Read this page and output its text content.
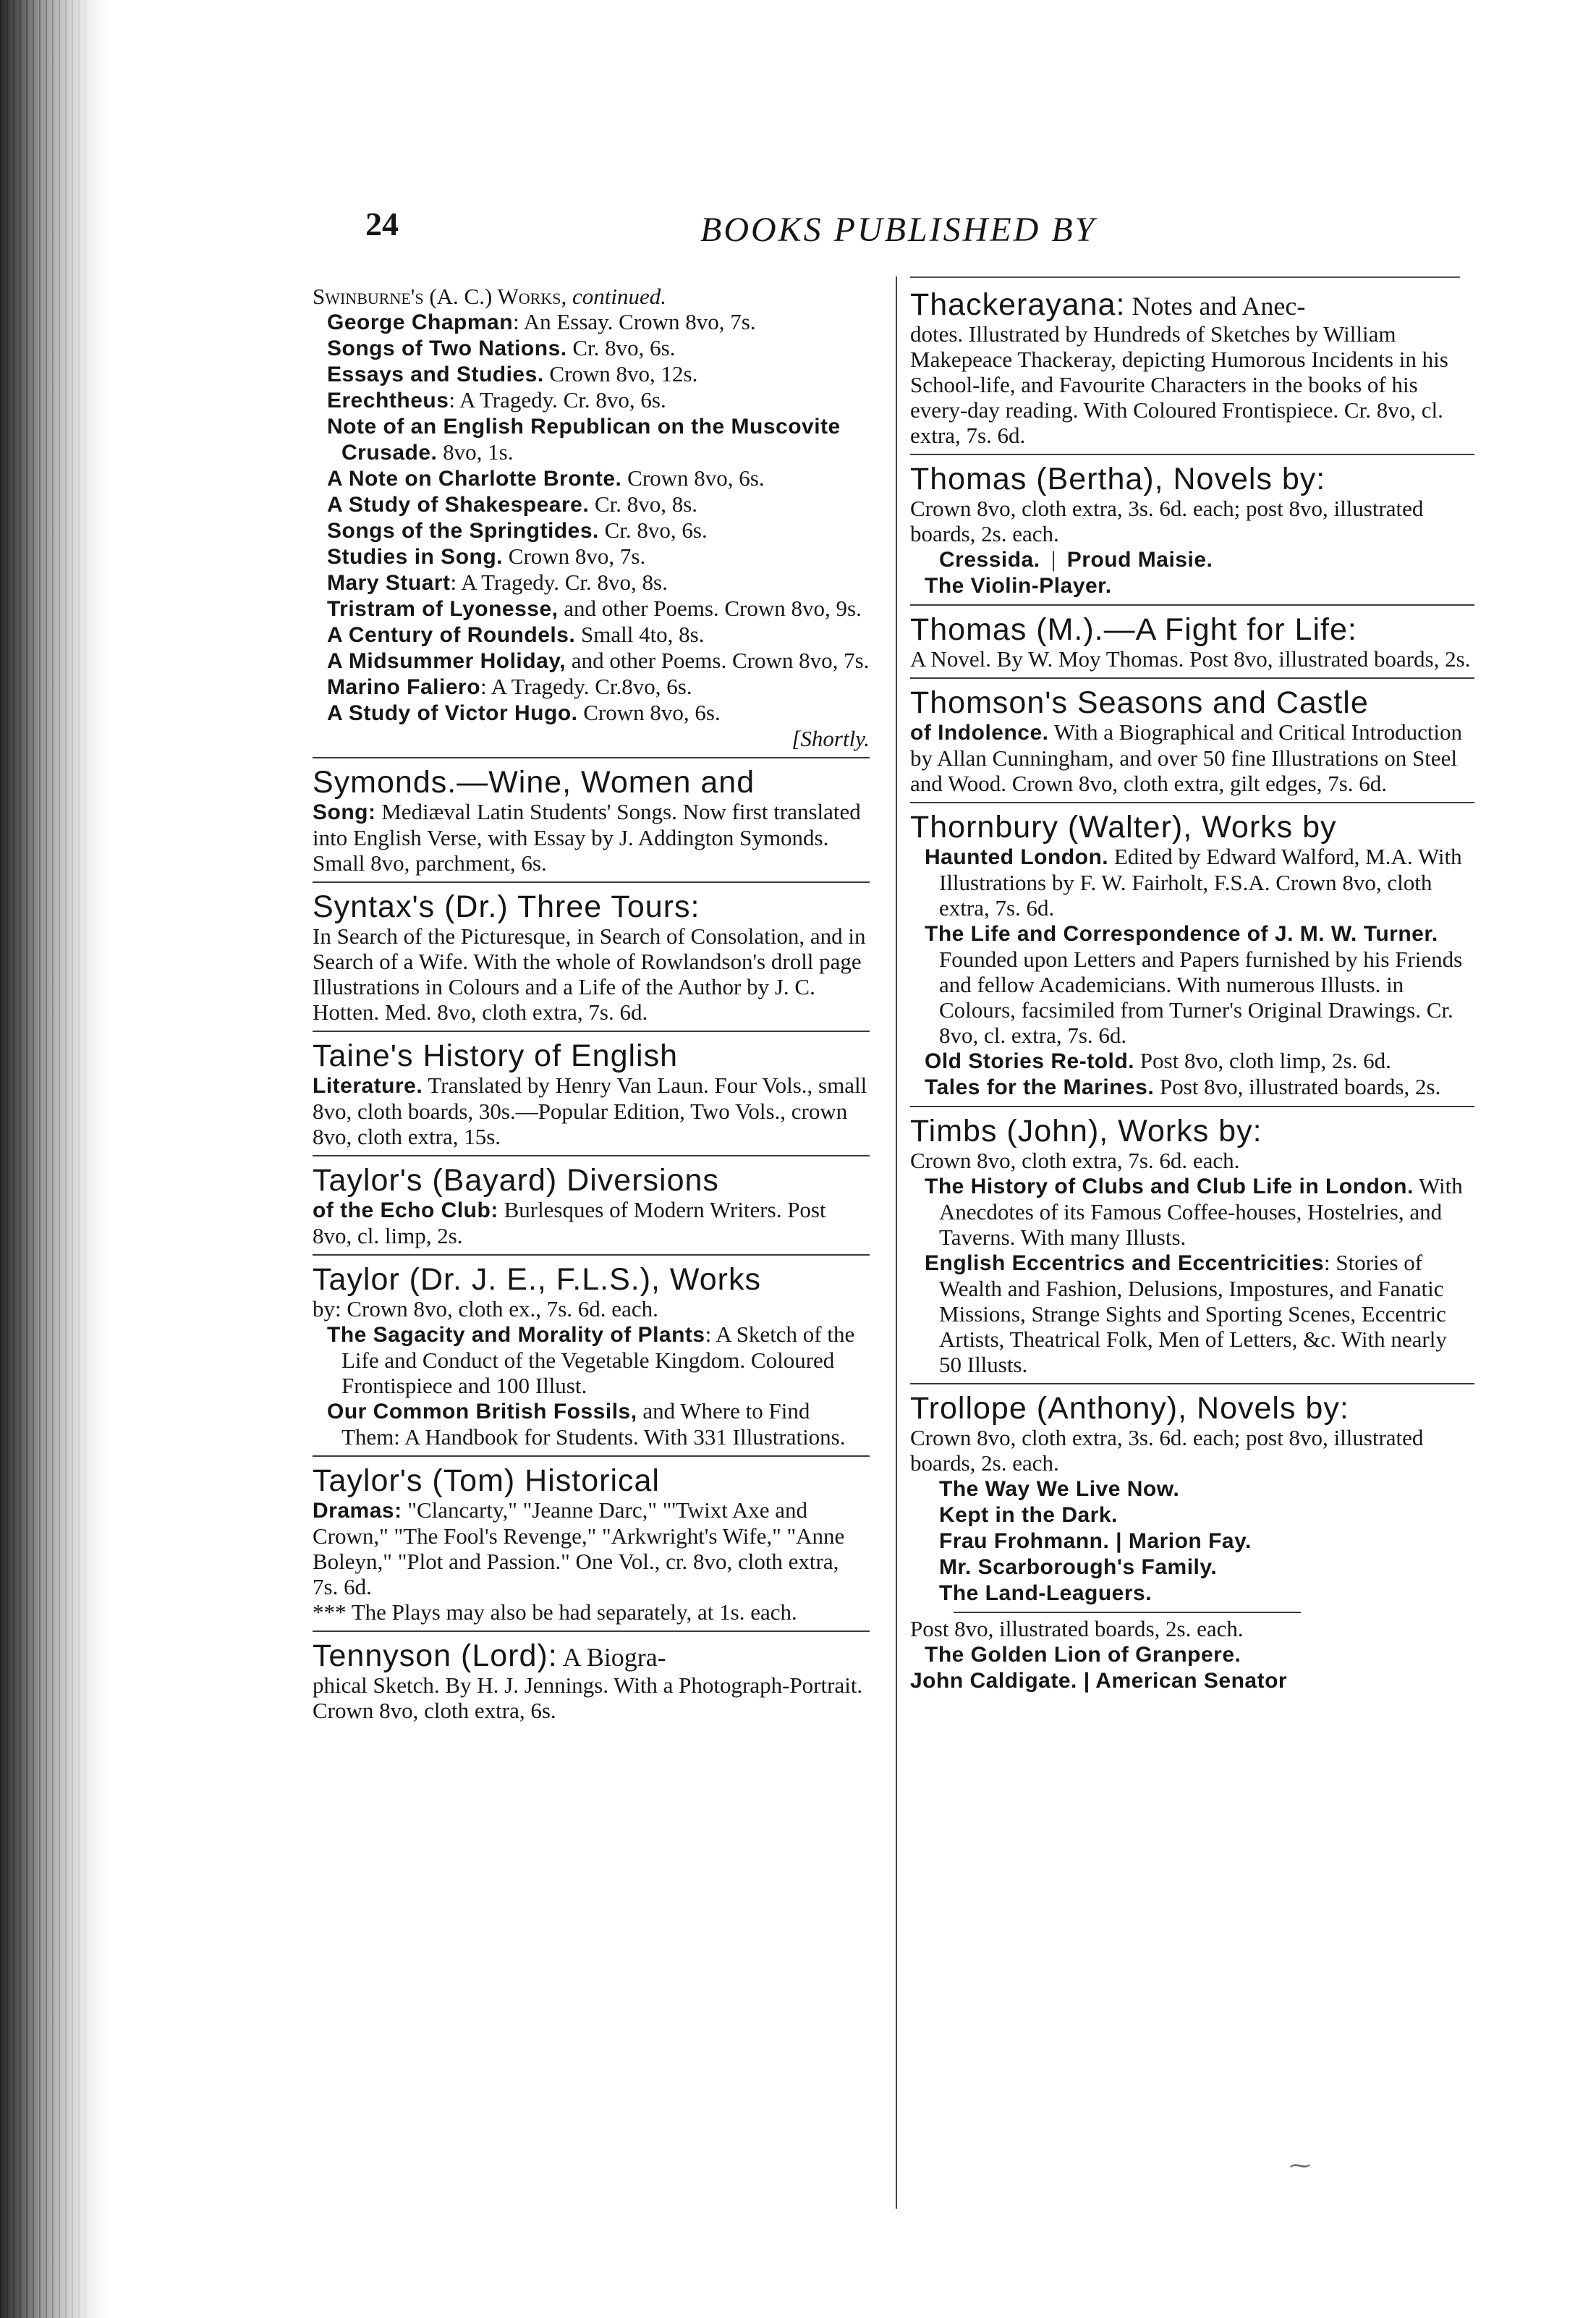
24	BOOKS PUBLISHED BY
Swinburne's (A. C.) Works, continued.
George Chapman: An Essay. Crown 8vo, 7s.
Songs of Two Nations. Cr. 8vo, 6s.
Essays and Studies. Crown 8vo, 12s.
Erechtheus: A Tragedy. Cr. 8vo, 6s.
Note of an English Republican on the Muscovite Crusade. 8vo, 1s.
A Note on Charlotte Bronte. Crown 8vo, 6s.
A Study of Shakespeare. Cr. 8vo, 8s.
Songs of the Springtides. Cr. 8vo, 6s.
Studies in Song. Crown 8vo, 7s.
Mary Stuart: A Tragedy. Cr. 8vo, 8s.
Tristram of Lyonesse, and other Poems. Crown 8vo, 9s.
A Century of Roundels. Small 4to, 8s.
A Midsummer Holiday, and other Poems. Crown 8vo, 7s.
Marino Faliero: A Tragedy. Cr.8vo, 6s.
A Study of Victor Hugo. Crown 8vo, 6s.
[Shortly.
Symonds.—Wine, Women and
Song: Mediæval Latin Students' Songs. Now first translated into English Verse, with Essay by J. Addington Symonds. Small 8vo, parchment, 6s.
Syntax's (Dr.) Three Tours:
In Search of the Picturesque, in Search of Consolation, and in Search of a Wife. With the whole of Rowlandson's droll page Illustrations in Colours and a Life of the Author by J. C. Hotten. Med. 8vo, cloth extra, 7s. 6d.
Taine's History of English
Literature. Translated by Henry Van Laun. Four Vols., small 8vo, cloth boards, 30s.—Popular Edition, Two Vols., crown 8vo, cloth extra, 15s.
Taylor's (Bayard) Diversions
of the Echo Club: Burlesques of Modern Writers. Post 8vo, cl. limp, 2s.
Taylor (Dr. J. E., F.L.S.), Works
by: Crown 8vo, cloth ex., 7s. 6d. each.
The Sagacity and Morality of Plants: A Sketch of the Life and Conduct of the Vegetable Kingdom. Coloured Frontispiece and 100 Illust.
Our Common British Fossils, and Where to Find Them: A Handbook for Students. With 331 Illustrations.
Taylor's (Tom) Historical
Dramas: "Clancarty," "Jeanne Darc," "'Twixt Axe and Crown," "The Fool's Revenge," "Arkwright's Wife," "Anne Boleyn," "Plot and Passion." One Vol., cr. 8vo, cloth extra, 7s. 6d.
*** The Plays may also be had separately, at 1s. each.
Tennyson (Lord): A Biogra-
phical Sketch. By H. J. Jennings. With a Photograph-Portrait. Crown 8vo, cloth extra, 6s.
Thackerayana: Notes and Anec-
dotes. Illustrated by Hundreds of Sketches by William Makepeace Thackeray, depicting Humorous Incidents in his School-life, and Favourite Characters in the books of his every-day reading. With Coloured Frontispiece. Cr. 8vo, cl. extra, 7s. 6d.
Thomas (Bertha), Novels by:
Crown 8vo, cloth extra, 3s. 6d. each; post 8vo, illustrated boards, 2s. each.
Cressida.  |  Proud Maisie.
The Violin-Player.
Thomas (M.).—A Fight for Life:
A Novel. By W. Moy Thomas. Post 8vo, illustrated boards, 2s.
Thomson's Seasons and Castle
of Indolence. With a Biographical and Critical Introduction by Allan Cunningham, and over 50 fine Illustrations on Steel and Wood. Crown 8vo, cloth extra, gilt edges, 7s. 6d.
Thornbury (Walter), Works by
Haunted London. Edited by Edward Walford, M.A. With Illustrations by F. W. Fairholt, F.S.A. Crown 8vo, cloth extra, 7s. 6d.
The Life and Correspondence of J. M. W. Turner. Founded upon Letters and Papers furnished by his Friends and fellow Academicians. With numerous Illusts. in Colours, facsimiled from Turner's Original Drawings. Cr. 8vo, cl. extra, 7s. 6d.
Old Stories Re-told. Post 8vo, cloth limp, 2s. 6d.
Tales for the Marines. Post 8vo, illustrated boards, 2s.
Timbs (John), Works by:
Crown 8vo, cloth extra, 7s. 6d. each.
The History of Clubs and Club Life in London. With Anecdotes of its Famous Coffee-houses, Hostelries, and Taverns. With many Illusts.
English Eccentrics and Eccentricities: Stories of Wealth and Fashion, Delusions, Impostures, and Fanatic Missions, Strange Sights and Sporting Scenes, Eccentric Artists, Theatrical Folk, Men of Letters, &c. With nearly 50 Illusts.
Trollope (Anthony), Novels by:
Crown 8vo, cloth extra, 3s. 6d. each; post 8vo, illustrated boards, 2s. each.
The Way We Live Now.
Kept in the Dark.
Frau Frohmann. | Marion Fay.
Mr. Scarborough's Family.
The Land-Leaguers.
Post 8vo, illustrated boards, 2s. each.
The Golden Lion of Granpere.
John Caldigate. | American Senator
⁓
